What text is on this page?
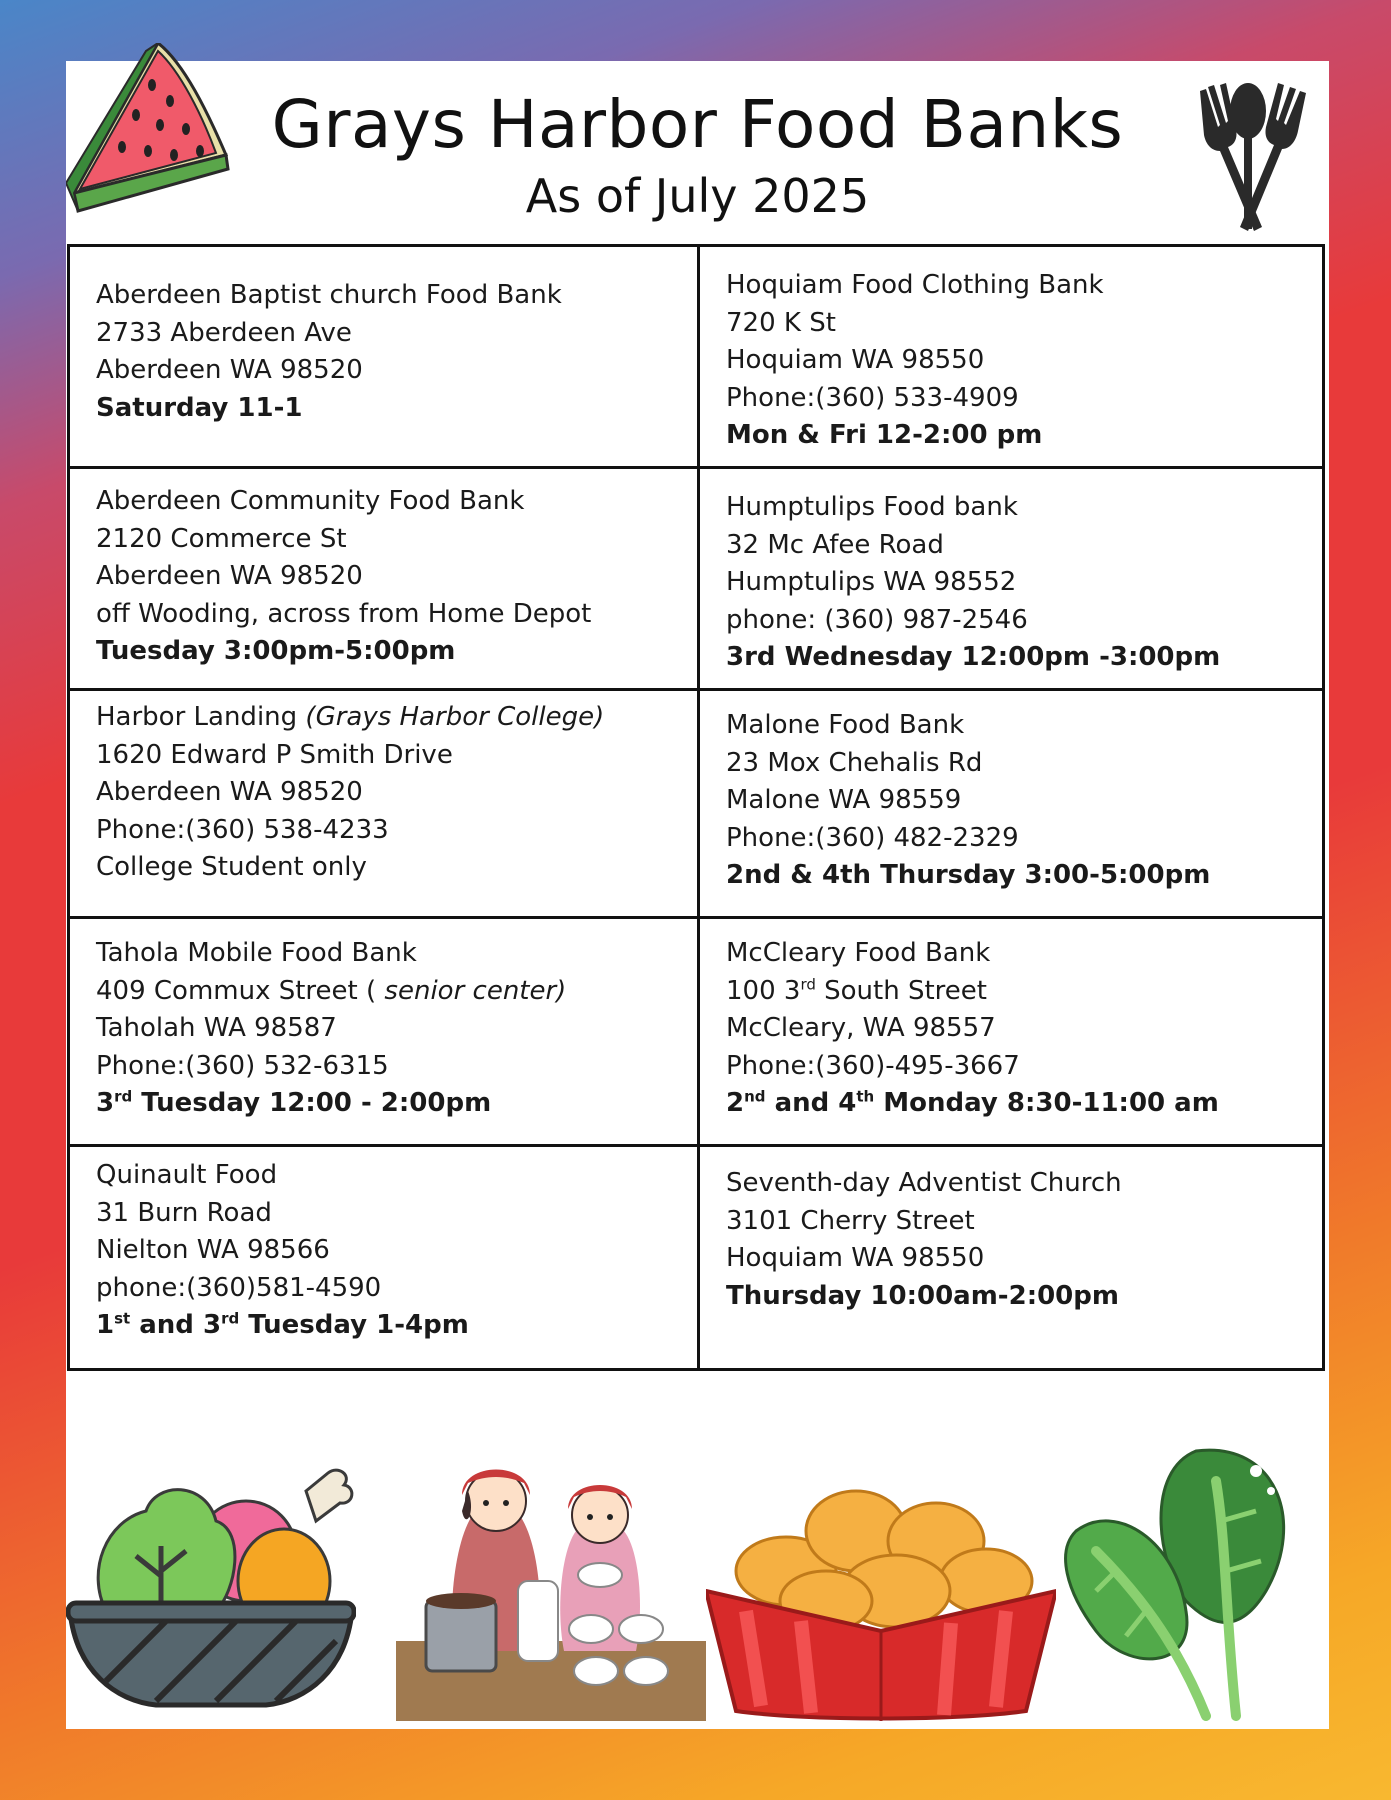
Grays Harbor Food Banks
As of July 2025
Aberdeen Baptist church Food Bank
2733 Aberdeen Ave
Aberdeen WA 98520
Saturday 11-1
Hoquiam Food Clothing Bank
720 K St
Hoquiam WA 98550
Phone:(360) 533-4909
Mon & Fri 12-2:00 pm
Aberdeen Community Food Bank
2120 Commerce St
Aberdeen WA 98520
off Wooding, across from Home Depot
Tuesday 3:00pm-5:00pm
Humptulips Food bank
32 Mc Afee Road
Humptulips WA 98552
phone: (360) 987-2546
3rd Wednesday 12:00pm -3:00pm
Harbor Landing (Grays Harbor College)
1620 Edward P Smith Drive
Aberdeen WA 98520
Phone:(360) 538-4233
College Student only
Malone Food Bank
23 Mox Chehalis Rd
Malone WA 98559
Phone:(360) 482-2329
2nd & 4th Thursday 3:00-5:00pm
Tahola Mobile Food Bank
409 Commux Street ( senior center)
Taholah WA 98587
Phone:(360) 532-6315
3rd Tuesday 12:00 - 2:00pm
McCleary Food Bank
100 3rd South Street
McCleary, WA 98557
Phone:(360)-495-3667
2nd and 4th Monday 8:30-11:00 am
Quinault Food
31 Burn Road
Nielton WA 98566
phone:(360)581-4590
1st and 3rd Tuesday 1-4pm
Seventh-day Adventist Church
3101 Cherry Street
Hoquiam WA 98550
Thursday 10:00am-2:00pm
